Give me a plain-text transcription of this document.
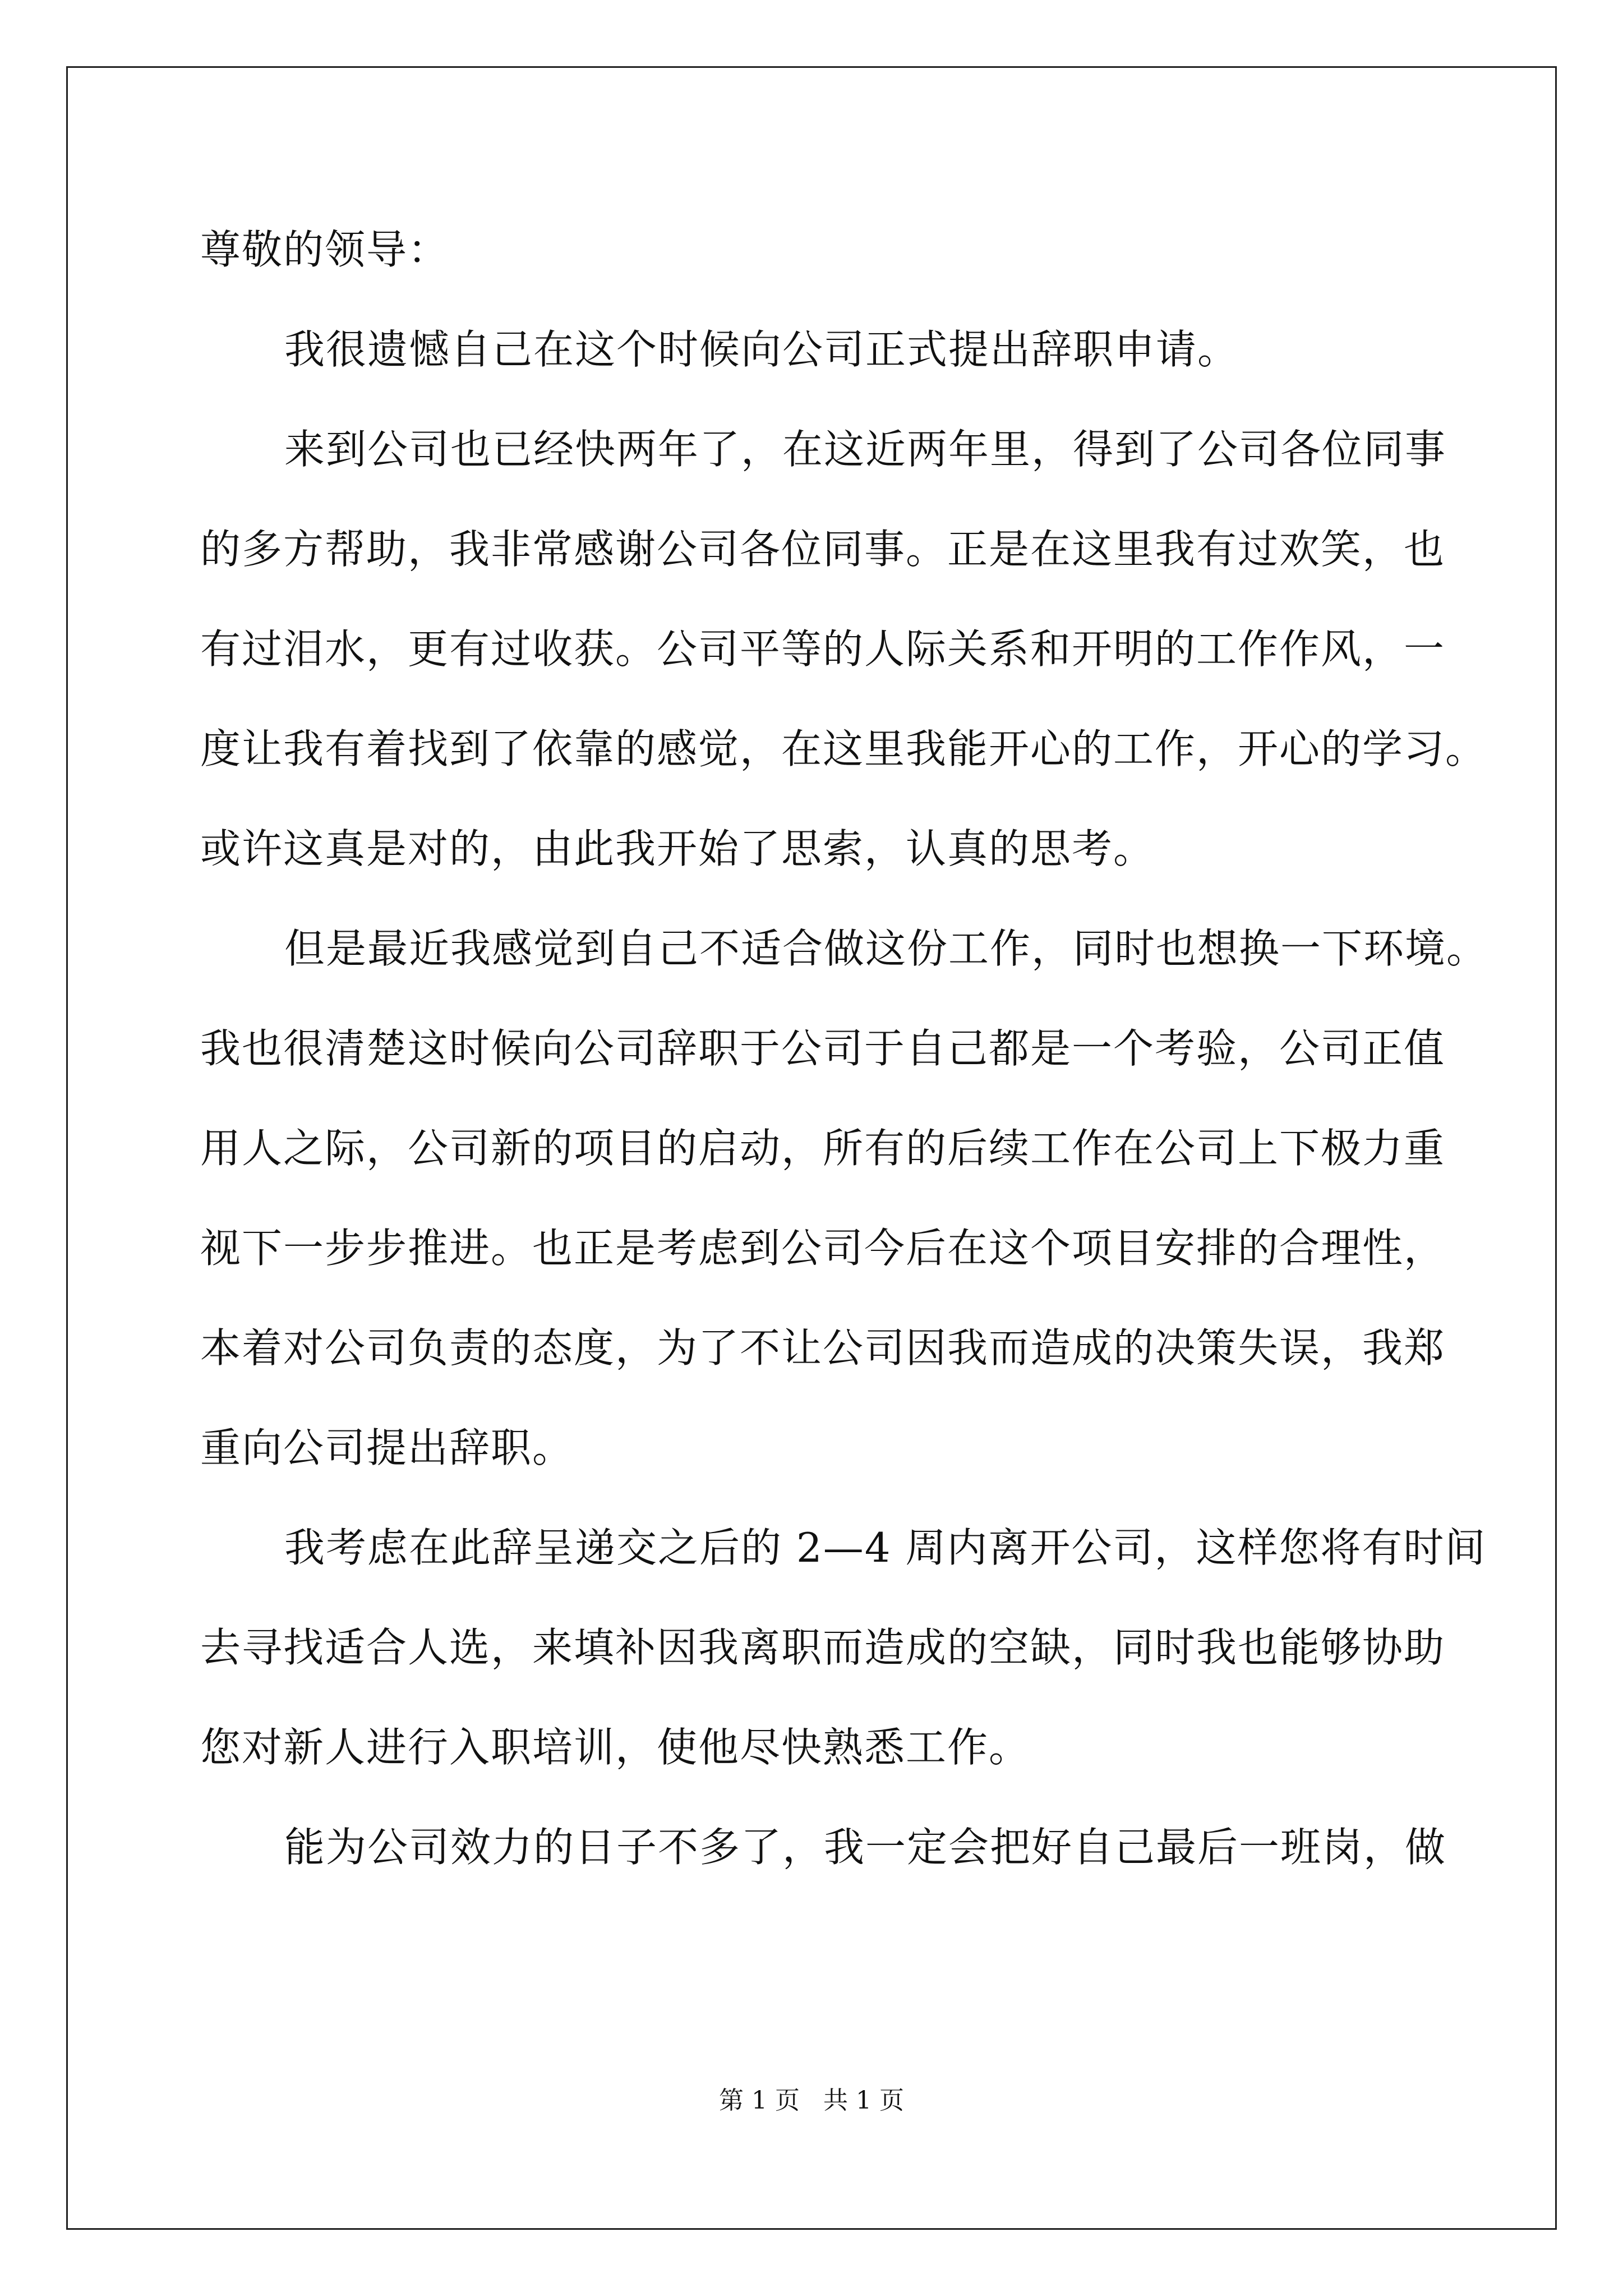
尊敬的领导：
我很遗憾自己在这个时候向公司正式提出辞职申请。
来到公司也已经快两年了，在这近两年里，得到了公司各位同事
的多方帮助，我非常感谢公司各位同事。正是在这里我有过欢笑，也
有过泪水，更有过收获。公司平等的人际关系和开明的工作作风，一
度让我有着找到了依靠的感觉，在这里我能开心的工作，开心的学习。
或许这真是对的，由此我开始了思索，认真的思考。
但是最近我感觉到自己不适合做这份工作，同时也想换一下环境。
我也很清楚这时候向公司辞职于公司于自己都是一个考验，公司正值
用人之际，公司新的项目的启动，所有的后续工作在公司上下极力重
视下一步步推进。也正是考虑到公司今后在这个项目安排的合理性，
本着对公司负责的态度，为了不让公司因我而造成的决策失误，我郑
重向公司提出辞职。
我考虑在此辞呈递交之后的 2—4 周内离开公司，这样您将有时间
去寻找适合人选，来填补因我离职而造成的空缺，同时我也能够协助
您对新人进行入职培训，使他尽快熟悉工作。
能为公司效力的日子不多了，我一定会把好自己最后一班岗，做
第 1 页   共 1 页
